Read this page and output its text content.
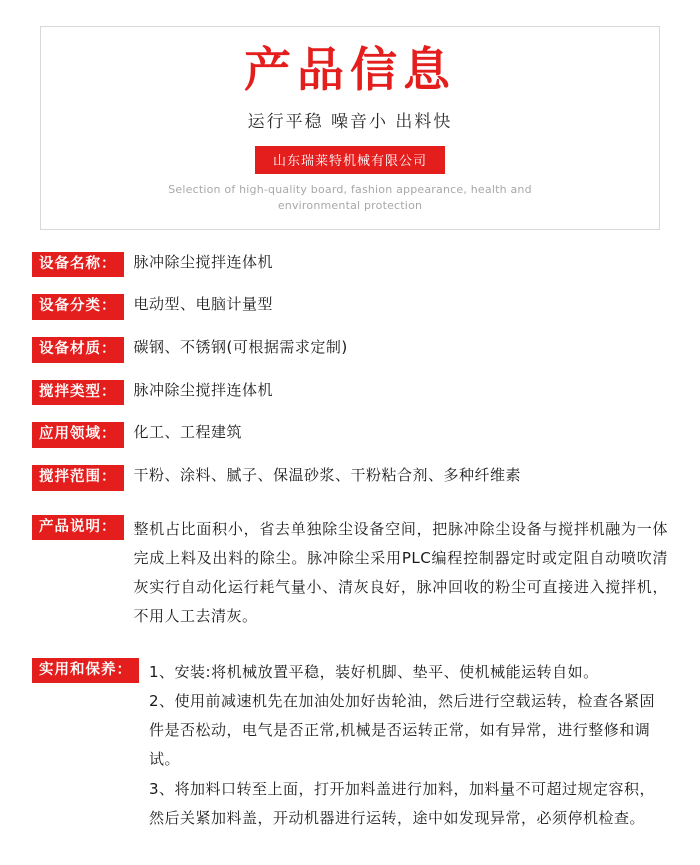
产品信息
运行平稳 噪音小 出料快
山东瑞莱特机械有限公司
Selection of high-quality board, fashion appearance, health and environmental protection
设备名称：	脉冲除尘搅拌连体机
设备分类：	电动型、电脑计量型
设备材质：	碳钢、不锈钢(可根据需求定制)
搅拌类型：	脉冲除尘搅拌连体机
应用领域：	化工、工程建筑
搅拌范围：	干粉、涂料、腻子、保温砂浆、干粉粘合剂、多种纤维素
产品说明：	整机占比面积小，省去单独除尘设备空间，把脉冲除尘设备与搅拌机融为一体完成上料及出料的除尘。脉冲除尘采用PLC编程控制器定时或定阻自动喷吹清灰实行自动化运行耗气量小、清灰良好，脉冲回收的粉尘可直接进入搅拌机，不用人工去清灰。
实用和保养：	1、安装:将机械放置平稳，装好机脚、垫平、使机械能运转自如。
2、使用前减速机先在加油处加好齿轮油，然后进行空载运转，检查各紧固件是否松动，电气是否正常,机械是否运转正常，如有异常，进行整修和调试。
3、将加料口转至上面，打开加料盖进行加料，加料量不可超过规定容积，然后关紧加料盖，开动机器进行运转，途中如发现异常，必须停机检查。
